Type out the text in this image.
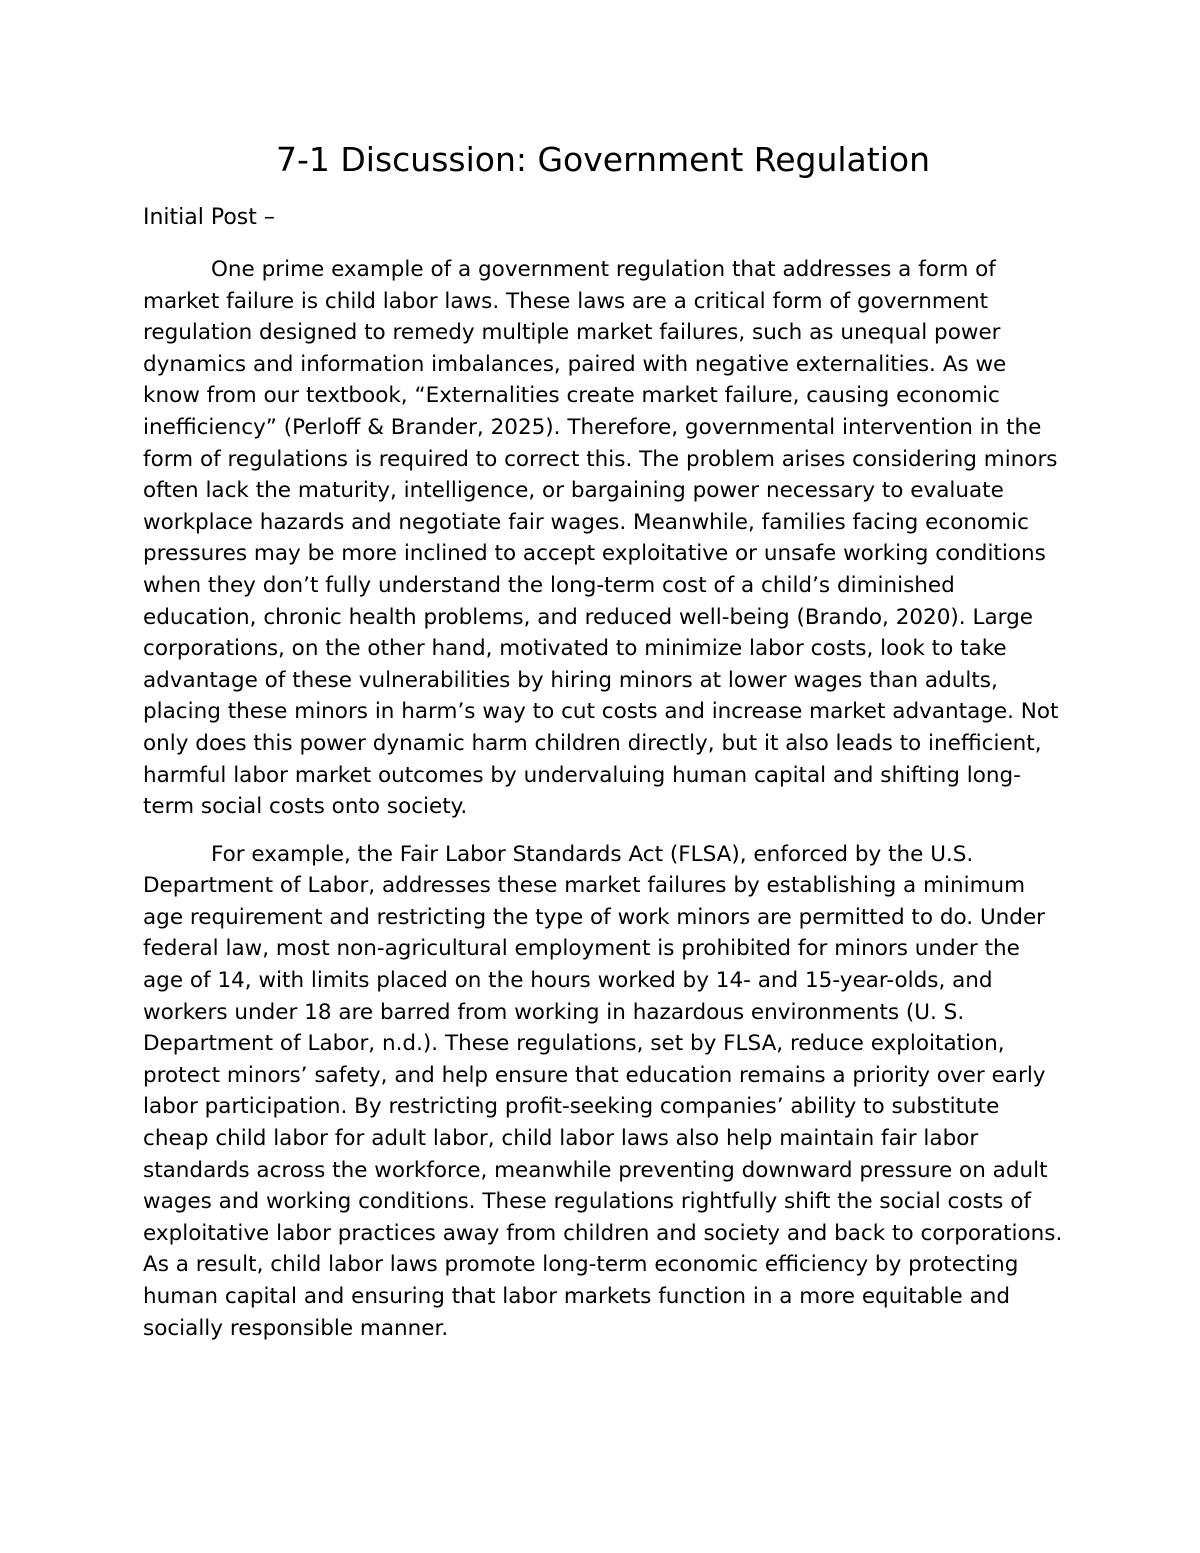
7-1 Discussion: Government Regulation
Initial Post –

One prime example of a government regulation that addresses a form of market failure is child labor laws. These laws are a critical form of government regulation designed to remedy multiple market failures, such as unequal power dynamics and information imbalances, paired with negative externalities. As we know from our textbook, “Externalities create market failure, causing economic inefficiency” (Perloff & Brander, 2025). Therefore, governmental intervention in the form of regulations is required to correct this. The problem arises considering minors often lack the maturity, intelligence, or bargaining power necessary to evaluate workplace hazards and negotiate fair wages. Meanwhile, families facing economic pressures may be more inclined to accept exploitative or unsafe working conditions when they don’t fully understand the long-term cost of a child’s diminished education, chronic health problems, and reduced well-being (Brando, 2020). Large corporations, on the other hand, motivated to minimize labor costs, look to take advantage of these vulnerabilities by hiring minors at lower wages than adults, placing these minors in harm’s way to cut costs and increase market advantage. Not only does this power dynamic harm children directly, but it also leads to inefficient, harmful labor market outcomes by undervaluing human capital and shifting long-term social costs onto society.

For example, the Fair Labor Standards Act (FLSA), enforced by the U.S. Department of Labor, addresses these market failures by establishing a minimum age requirement and restricting the type of work minors are permitted to do. Under federal law, most non-agricultural employment is prohibited for minors under the age of 14, with limits placed on the hours worked by 14- and 15-year-olds, and workers under 18 are barred from working in hazardous environments (U. S. Department of Labor, n.d.). These regulations, set by FLSA, reduce exploitation, protect minors’ safety, and help ensure that education remains a priority over early labor participation. By restricting profit-seeking companies’ ability to substitute cheap child labor for adult labor, child labor laws also help maintain fair labor standards across the workforce, meanwhile preventing downward pressure on adult wages and working conditions. These regulations rightfully shift the social costs of exploitative labor practices away from children and society and back to corporations. As a result, child labor laws promote long-term economic efficiency by protecting human capital and ensuring that labor markets function in a more equitable and socially responsible manner.
